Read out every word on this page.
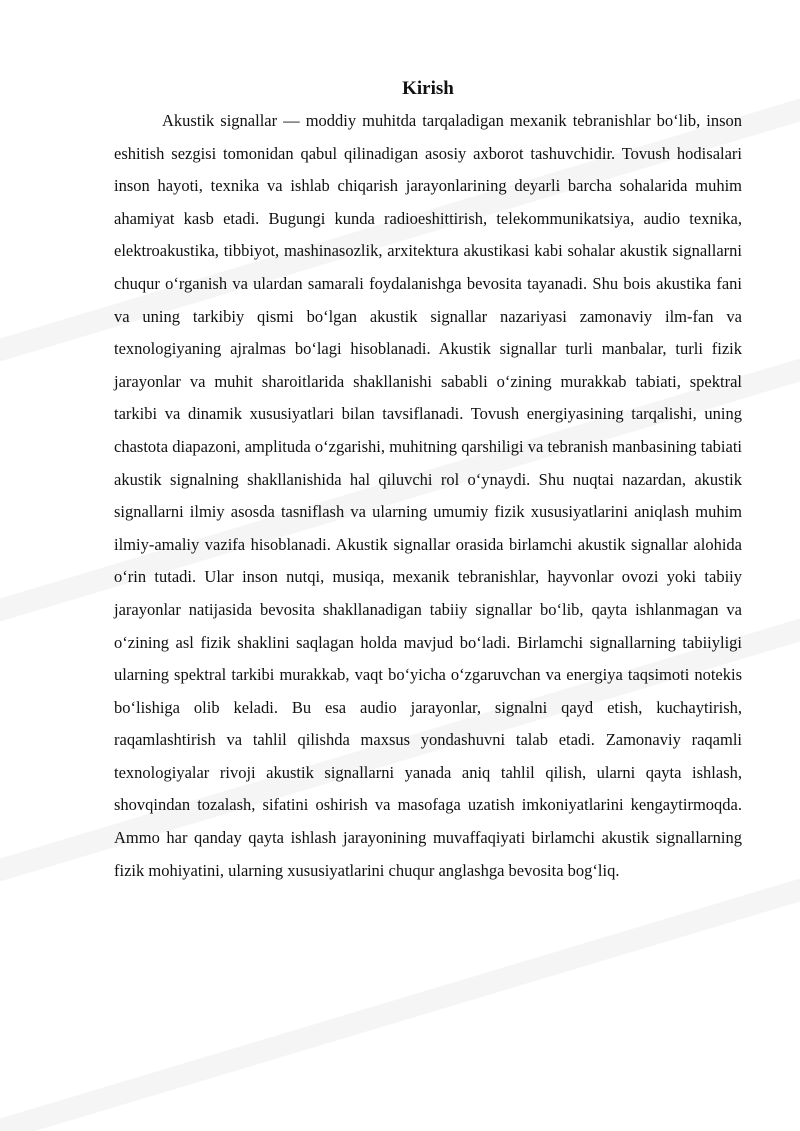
Kirish

Akustik signallar — moddiy muhitda tarqaladigan mexanik tebranishlar boʻlib, inson eshitish sezgisi tomonidan qabul qilinadigan asosiy axborot tashuvchidir. Tovush hodisalari inson hayoti, texnika va ishlab chiqarish jarayonlarining deyarli barcha sohalarida muhim ahamiyat kasb etadi. Bugungi kunda radioeshittirish, telekommunikatsiya, audio texnika, elektroakustika, tibbiyot, mashinasozlik, arxitektura akustikasi kabi sohalar akustik signallarni chuqur oʻrganish va ulardan samarali foydalanishga bevosita tayanadi. Shu bois akustika fani va uning tarkibiy qismi boʻlgan akustik signallar nazariyasi zamonaviy ilm-fan va texnologiyaning ajralmas boʻlagi hisoblanadi. Akustik signallar turli manbalar, turli fizik jarayonlar va muhit sharoitlarida shakllanishi sababli oʻzining murakkab tabiati, spektral tarkibi va dinamik xususiyatlari bilan tavsiflanadi. Tovush energiyasining tarqalishi, uning chastota diapazoni, amplituda oʻzgarishi, muhitning qarshiligi va tebranish manbasining tabiati akustik signalning shakllanishida hal qiluvchi rol oʻynaydi. Shu nuqtai nazardan, akustik signallarni ilmiy asosda tasniflash va ularning umumiy fizik xususiyatlarini aniqlash muhim ilmiy-amaliy vazifa hisoblanadi. Akustik signallar orasida birlamchi akustik signallar alohida oʻrin tutadi. Ular inson nutqi, musiqa, mexanik tebranishlar, hayvonlar ovozi yoki tabiiy jarayonlar natijasida bevosita shakllanadigan tabiiy signallar boʻlib, qayta ishlanmagan va oʻzining asl fizik shaklini saqlagan holda mavjud boʻladi. Birlamchi signallarning tabiiyligi ularning spektral tarkibi murakkab, vaqt boʻyicha oʻzgaruvchan va energiya taqsimoti notekis boʻlishiga olib keladi. Bu esa audio jarayonlar, signalni qayd etish, kuchaytirish, raqamlashtirish va tahlil qilishda maxsus yondashuvni talab etadi. Zamonaviy raqamli texnologiyalar rivoji akustik signallarni yanada aniq tahlil qilish, ularni qayta ishlash, shovqindan tozalash, sifatini oshirish va masofaga uzatish imkoniyatlarini kengaytirmoqda. Ammo har qanday qayta ishlash jarayonining muvaffaqiyati birlamchi akustik signallarning fizik mohiyatini, ularning xususiyatlarini chuqur anglashga bevosita bogʻliq.
